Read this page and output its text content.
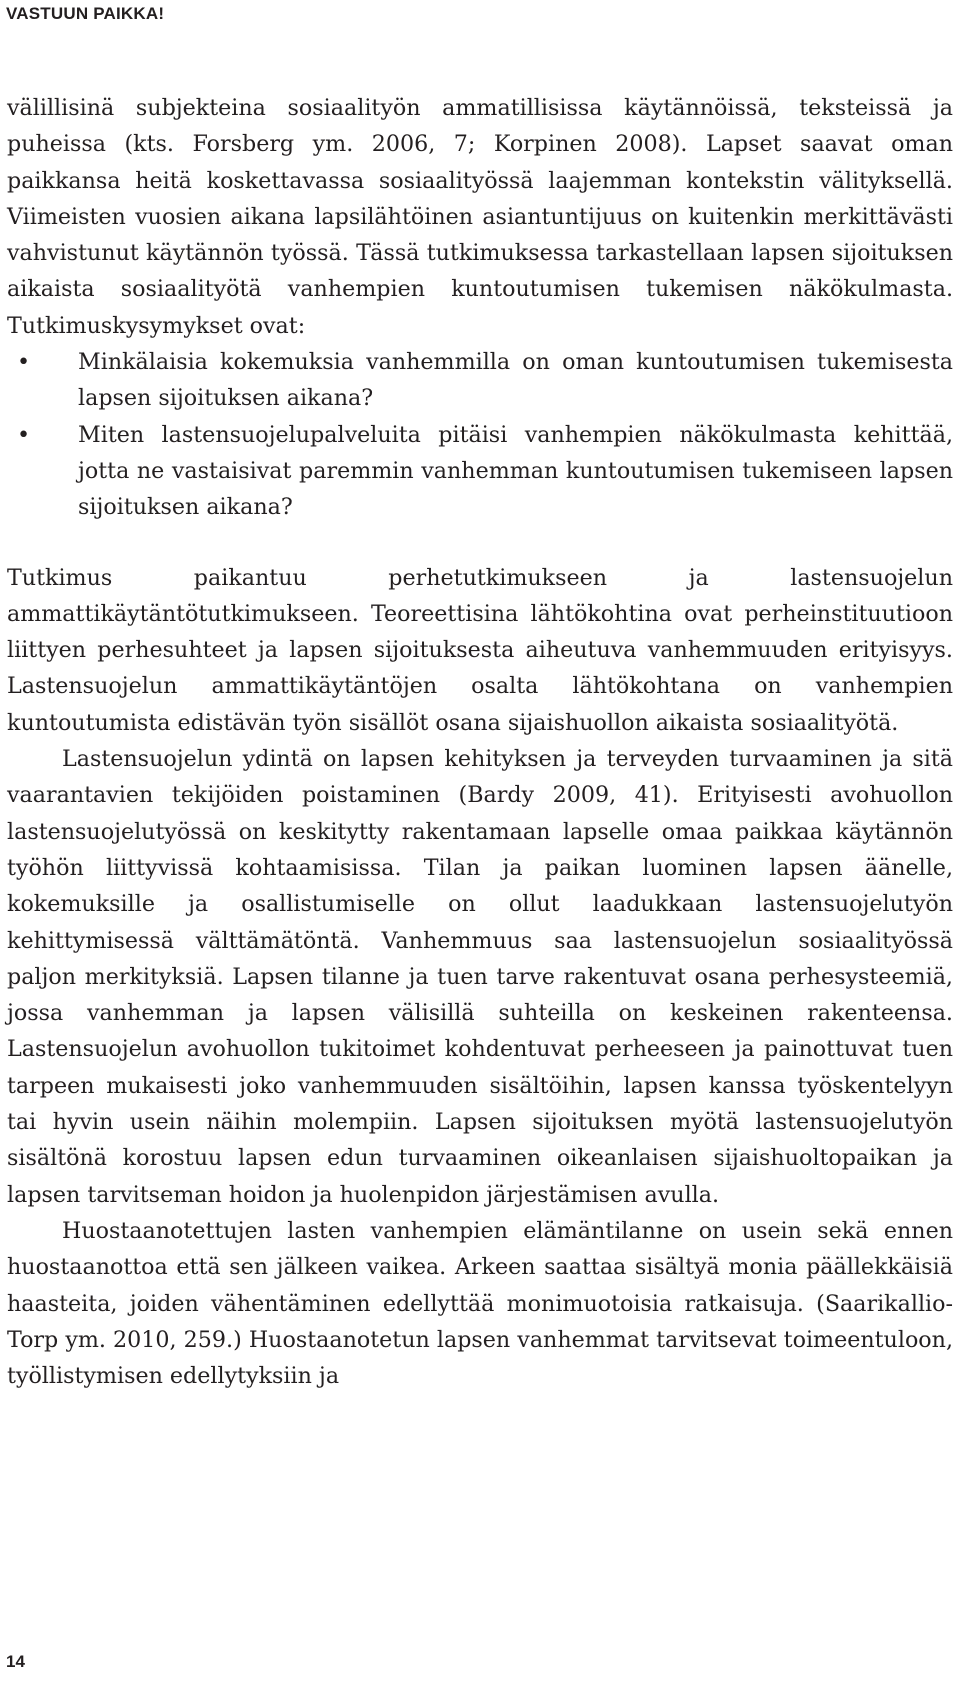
VASTUUN PAIKKA!

välillisinä subjekteina sosiaalityön ammatillisissa käytännöissä, teksteissä ja puheissa (kts. Forsberg ym. 2006, 7; Korpinen 2008). Lapset saavat oman paikkansa heitä koskettavassa sosiaalityössä laajemman kontekstin välityksellä. Viimeisten vuosien aikana lapsilähtöinen asiantuntijuus on kuitenkin merkittävästi vahvistunut käytännön työssä. Tässä tutkimuksessa tarkastellaan lapsen sijoituksen aikaista sosiaalityötä vanhempien kuntoutumisen tukemisen näkökulmasta. Tutkimuskysymykset ovat:

• Minkälaisia kokemuksia vanhemmilla on oman kuntoutumisen tukemisesta lapsen sijoituksen aikana?
• Miten lastensuojelupalveluita pitäisi vanhempien näkökulmasta kehittää, jotta ne vastaisivat paremmin vanhemman kuntoutumisen tukemiseen lapsen sijoituksen aikana?

Tutkimus paikantuu perhetutkimukseen ja lastensuojelun ammattikäytäntötutkimukseen. Teoreettisina lähtökohtina ovat perheinstituutioon liittyen perhesuhteet ja lapsen sijoituksesta aiheutuva vanhemmuuden erityisyys. Lastensuojelun ammattikäytäntöjen osalta lähtökohtana on vanhempien kuntoutumista edistävän työn sisällöt osana sijaishuollon aikaista sosiaalityötä.

Lastensuojelun ydintä on lapsen kehityksen ja terveyden turvaaminen ja sitä vaarantavien tekijöiden poistaminen (Bardy 2009, 41). Erityisesti avohuollon lastensuojelutyössä on keskitytty rakentamaan lapselle omaa paikkaa käytännön työhön liittyvissä kohtaamisissa. Tilan ja paikan luominen lapsen äänelle, kokemuksille ja osallistumiselle on ollut laadukkaan lastensuojelutyön kehittymisessä välttämätöntä. Vanhemmuus saa lastensuojelun sosiaalityössä paljon merkityksiä. Lapsen tilanne ja tuen tarve rakentuvat osana perhesysteemiä, jossa vanhemman ja lapsen välisillä suhteilla on keskeinen rakenteensa. Lastensuojelun avohuollon tukitoimet kohdentuvat perheeseen ja painottuvat tuen tarpeen mukaisesti joko vanhemmuuden sisältöihin, lapsen kanssa työskentelyyn tai hyvin usein näihin molempiin. Lapsen sijoituksen myötä lastensuojelutyön sisältönä korostuu lapsen edun turvaaminen oikeanlaisen sijaishuoltopaikan ja lapsen tarvitseman hoidon ja huolenpidon järjestämisen avulla.

Huostaanotettujen lasten vanhempien elämäntilanne on usein sekä ennen huostaanottoa että sen jälkeen vaikea. Arkeen saattaa sisältyä monia päällekkäisiä haasteita, joiden vähentäminen edellyttää monimuotoisia ratkaisuja. (Saarikallio-Torp ym. 2010, 259.) Huostaanotetun lapsen vanhemmat tarvitsevat toimeentuloon, työllistymisen edellytyksiin ja

14
